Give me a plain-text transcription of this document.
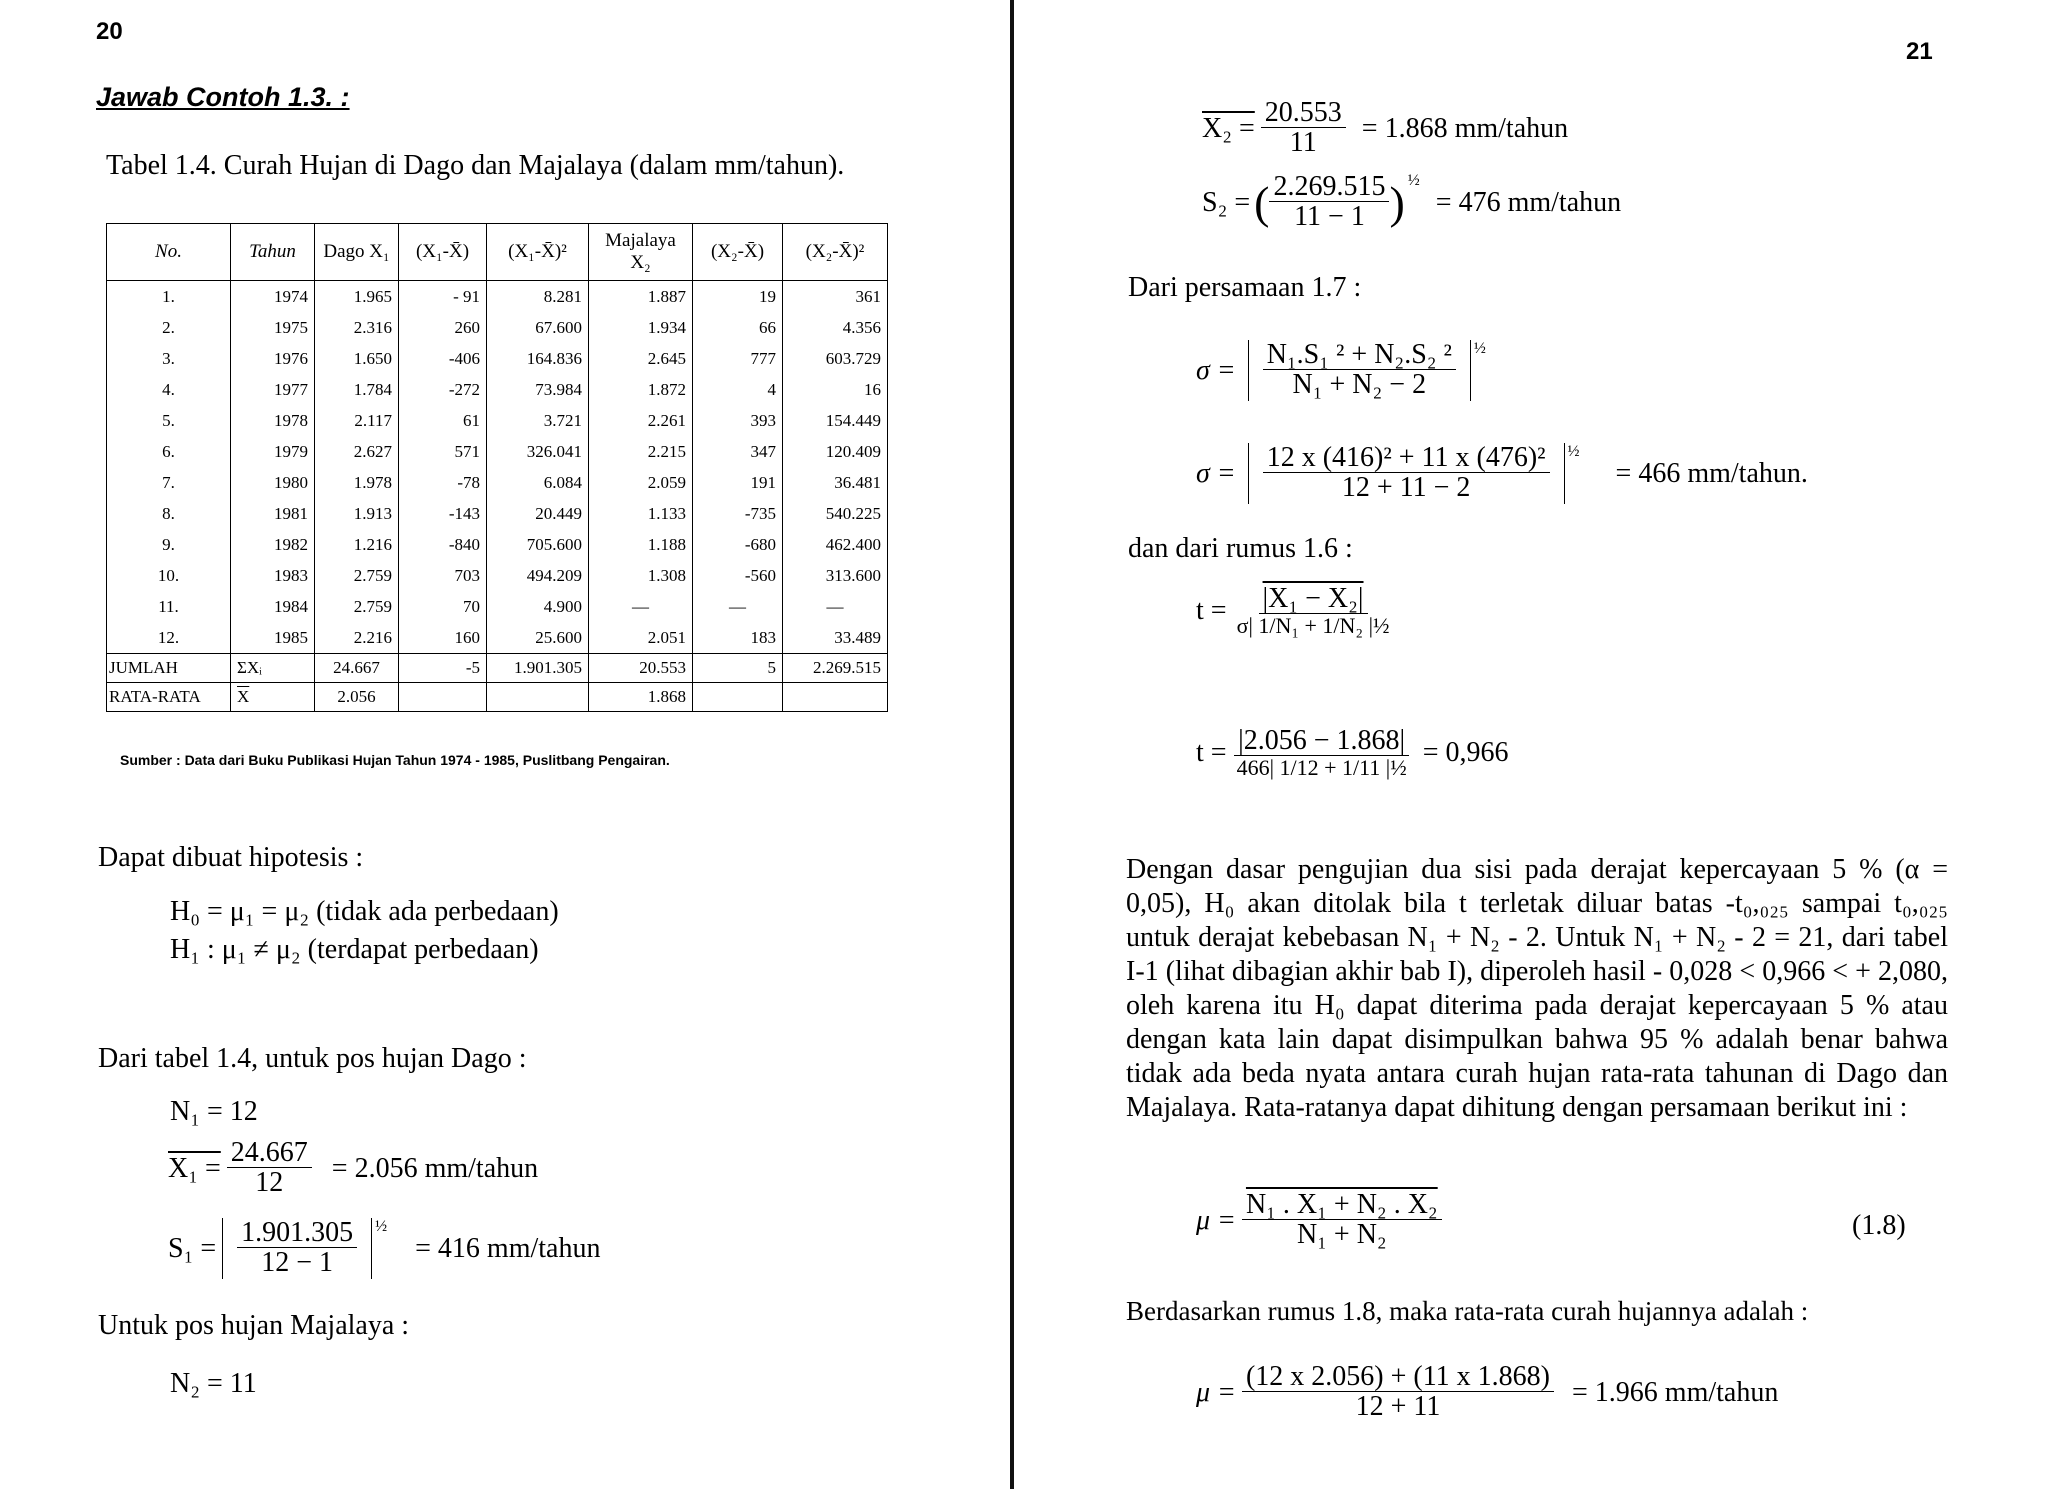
20
Jawab Contoh 1.3. :
Tabel 1.4. Curah Hujan di Dago dan Majalaya (dalam mm/tahun).
No.	Tahun	Dago X₁	(X₁-X̄)	(X₁-X̄)²	Majalaya X₂	(X₂-X̄)	(X₂-X̄)²
1.	1974	1.965	- 91	8.281	1.887	19	361
2.	1975	2.316	260	67.600	1.934	66	4.356
3.	1976	1.650	-406	164.836	2.645	777	603.729
4.	1977	1.784	-272	73.984	1.872	4	16
5.	1978	2.117	61	3.721	2.261	393	154.449
6.	1979	2.627	571	326.041	2.215	347	120.409
7.	1980	1.978	-78	6.084	2.059	191	36.481
8.	1981	1.913	-143	20.449	1.133	-735	540.225
9.	1982	1.216	-840	705.600	1.188	-680	462.400
10.	1983	2.759	703	494.209	1.308	-560	313.600
11.	1984	2.759	70	4.900	—	—	—
12.	1985	2.216	160	25.600	2.051	183	33.489
JUMLAH	ΣXᵢ	24.667	-5	1.901.305	20.553	5	2.269.515
RATA-RATA	$\overline{X}$	2.056			1.868		
Sumber : Data dari Buku Publikasi Hujan Tahun 1974 - 1985, Puslitbang Pengairan.
Dapat dibuat hipotesis :
H₀ = μ₁ = μ₂ (tidak ada perbedaan)
H₁ : μ₁ ≠ μ₂ (terdapat perbedaan)
Dari tabel 1.4, untuk pos hujan Dago :
N₁ = 12
$X_1 = \frac{24.667}{12} = 2.056$ mm/tahun
$S_1 = \frac{1.901.305}{12 - 1}$ ½
= 416 mm/tahun
Untuk pos hujan Majalaya :
N₂ = 11
21
$X_2 = \frac{20.553}{11} = 1.868$ mm/tahun
S₂ = ( $\frac{2.269.515}{11 - 1}$ ) ½
= 476 mm/tahun
Dari persamaan 1.7 :
$\sigma = \frac{\text{N₁.S₁ ² + N₂.S₂ ²}}{\text{N₁ + N₂ − 2}}$ ½
$\sigma = \frac{\text{12 x (416)² + 11 x (476)²}}{12 + 11 - 2}$ ½
= 466 mm/tahun.
dan dari rumus 1.6 :
$t = \frac{\text{|X₁ − X₂|}}{\text{σ| 1/N₁ + 1/N₂ |½}}$
$t = \frac{|2.056 - 1.868|}{\text{466| 1/12 + 1/11 |½}} = 0,966$
Dengan dasar pengujian dua sisi pada derajat kepercayaan 5 % (α = 0,05), H₀ akan ditolak bila t terletak diluar batas -t₀,₀₂₅ sampai t₀,₀₂₅ untuk derajat kebebasan N₁ + N₂ - 2. Untuk N₁ + N₂ - 2 = 21, dari tabel I-1 (lihat dibagian akhir bab I), diperoleh hasil - 0,028 < 0,966 < + 2,080, oleh karena itu H₀ dapat diterima pada derajat kepercayaan 5 % atau dengan kata lain dapat disimpulkan bahwa 95 % adalah benar bahwa tidak ada beda nyata antara curah hujan rata-rata tahunan di Dago dan Majalaya. Rata-ratanya dapat dihitung dengan persamaan berikut ini :
$\mu = \frac{\text{N₁ . X₁ + N₂ . X₂}}{\text{N₁ + N₂}}$	(1.8)
Berdasarkan rumus 1.8, maka rata-rata curah hujannya adalah :
$\mu = \frac{(12 x 2.056) + (11 x 1.868)}{12 + 11} = 1.966$ mm/tahun
